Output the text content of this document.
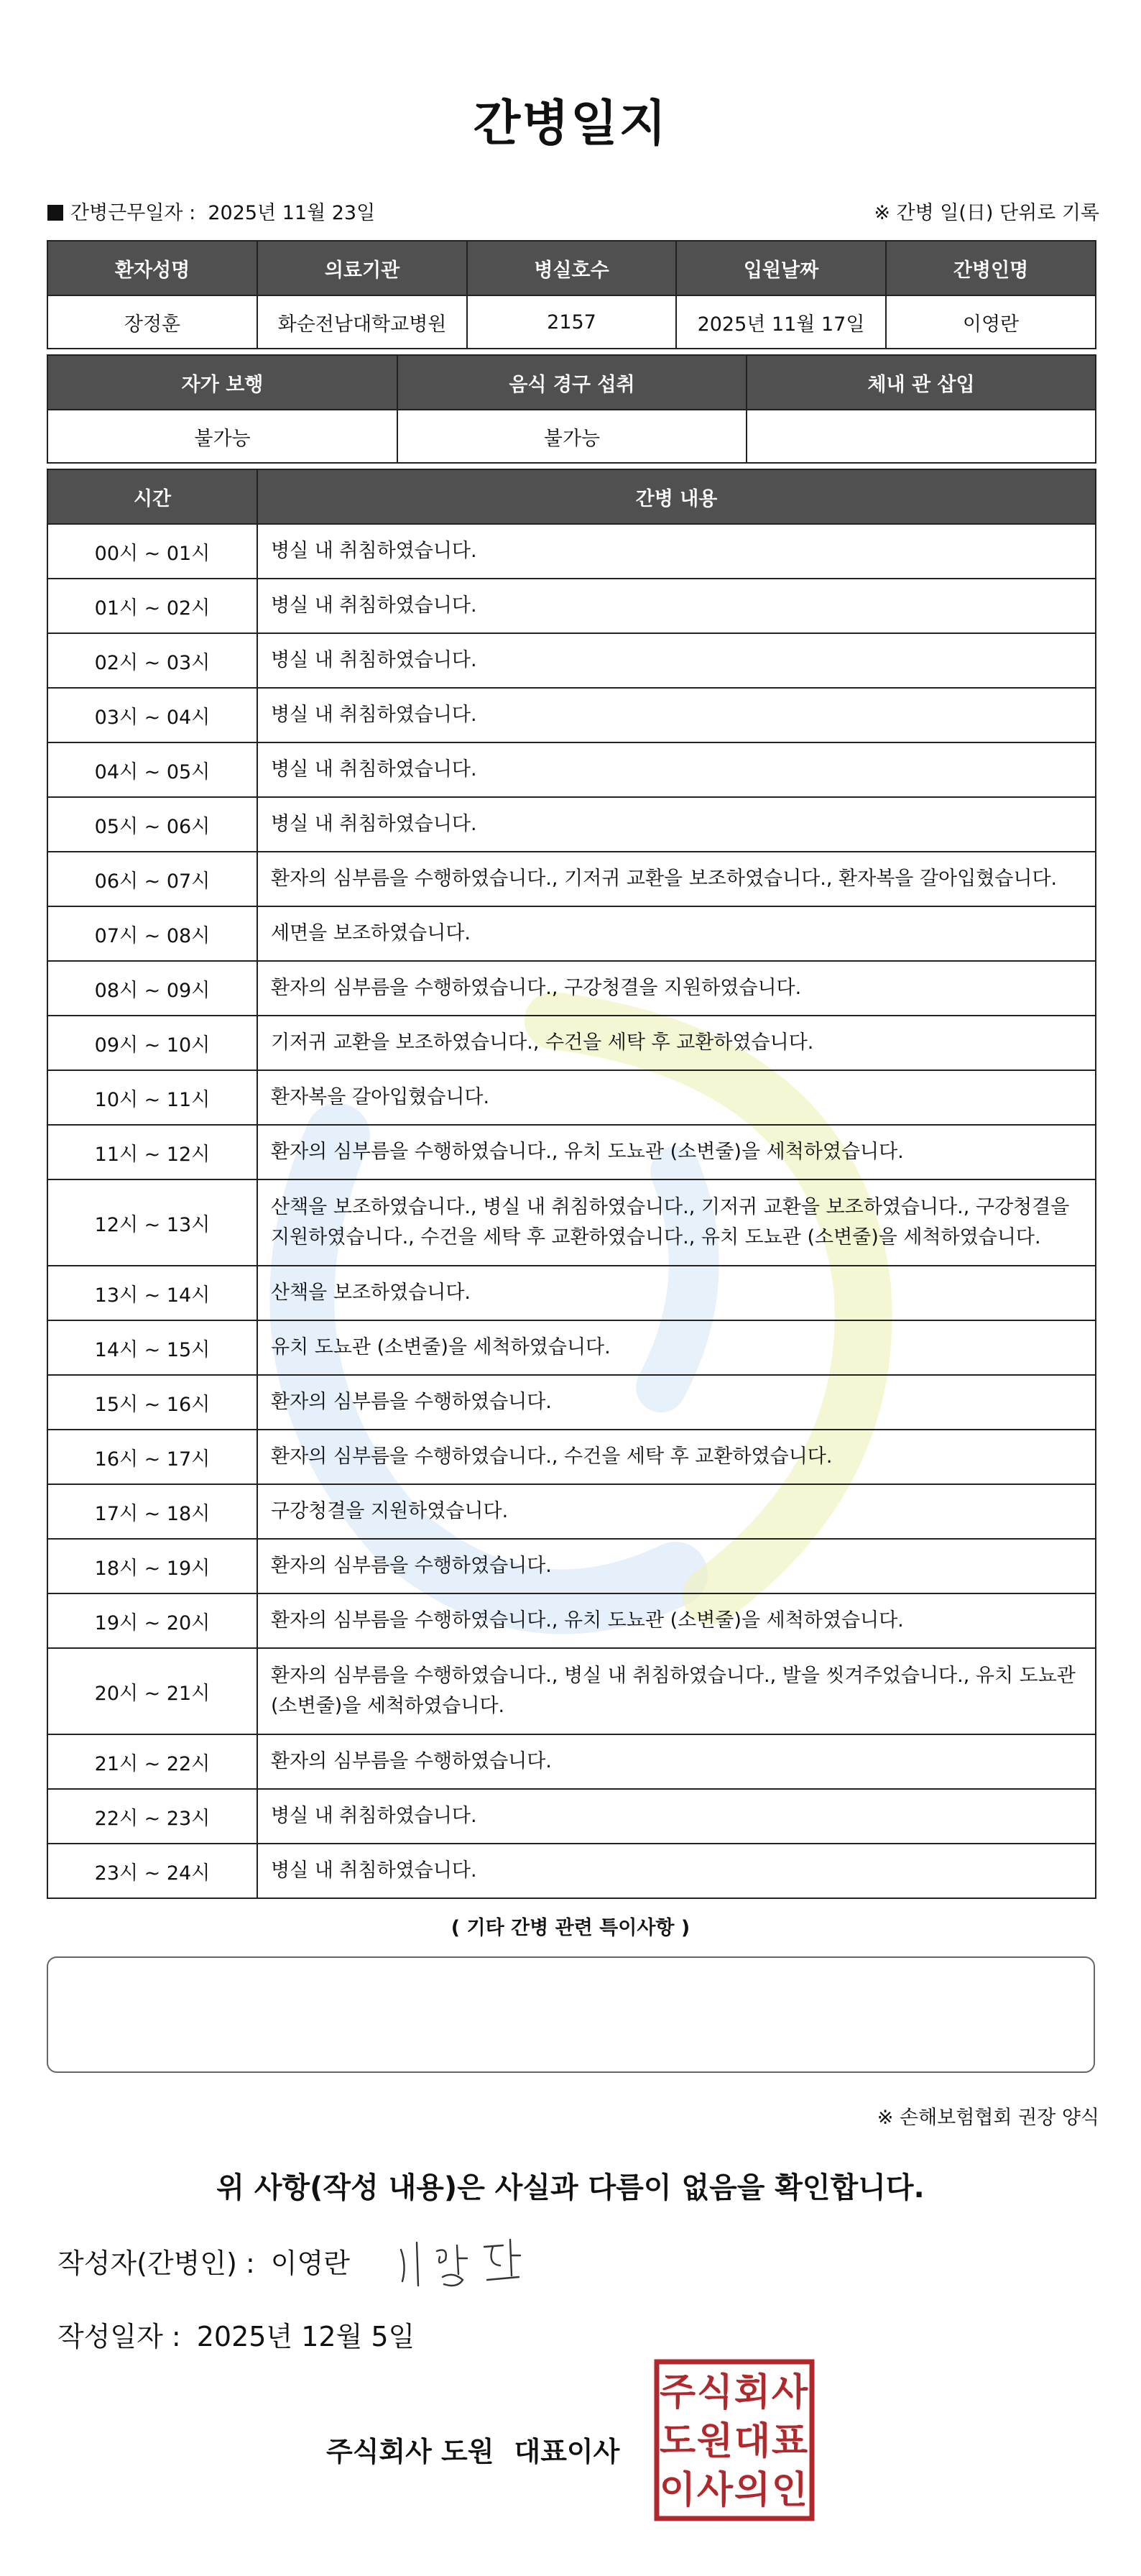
간병일지
간병근무일자 : 2025년 11월 23일	※ 간병 일(日) 단위로 기록
환자성명	의료기관	병실호수	입원날짜	간병인명
장정훈	화순전남대학교병원	2157	2025년 11월 17일	이영란
자가 보행	음식 경구 섭취	체내 관 삽입
불가능	불가능	
시간	간병 내용
00시 ~ 01시	병실 내 취침하였습니다.
01시 ~ 02시	병실 내 취침하였습니다.
02시 ~ 03시	병실 내 취침하였습니다.
03시 ~ 04시	병실 내 취침하였습니다.
04시 ~ 05시	병실 내 취침하였습니다.
05시 ~ 06시	병실 내 취침하였습니다.
06시 ~ 07시	환자의 심부름을 수행하였습니다., 기저귀 교환을 보조하였습니다., 환자복을 갈아입혔습니다.
07시 ~ 08시	세면을 보조하였습니다.
08시 ~ 09시	환자의 심부름을 수행하였습니다., 구강청결을 지원하였습니다.
09시 ~ 10시	기저귀 교환을 보조하였습니다., 수건을 세탁 후 교환하였습니다.
10시 ~ 11시	환자복을 갈아입혔습니다.
11시 ~ 12시	환자의 심부름을 수행하였습니다., 유치 도뇨관 (소변줄)을 세척하였습니다.
12시 ~ 13시	산책을 보조하였습니다., 병실 내 취침하였습니다., 기저귀 교환을 보조하였습니다., 구강청결을 지원하였습니다., 수건을 세탁 후 교환하였습니다., 유치 도뇨관 (소변줄)을 세척하였습니다.
13시 ~ 14시	산책을 보조하였습니다.
14시 ~ 15시	유치 도뇨관 (소변줄)을 세척하였습니다.
15시 ~ 16시	환자의 심부름을 수행하였습니다.
16시 ~ 17시	환자의 심부름을 수행하였습니다., 수건을 세탁 후 교환하였습니다.
17시 ~ 18시	구강청결을 지원하였습니다.
18시 ~ 19시	환자의 심부름을 수행하였습니다.
19시 ~ 20시	환자의 심부름을 수행하였습니다., 유치 도뇨관 (소변줄)을 세척하였습니다.
20시 ~ 21시	환자의 심부름을 수행하였습니다., 병실 내 취침하였습니다., 발을 씻겨주었습니다., 유치 도뇨관 (소변줄)을 세척하였습니다.
21시 ~ 22시	환자의 심부름을 수행하였습니다.
22시 ~ 23시	병실 내 취침하였습니다.
23시 ~ 24시	병실 내 취침하였습니다.
( 기타 간병 관련 특이사항 )
※ 손해보험협회 권장 양식
위 사항(작성 내용)은 사실과 다름이 없음을 확인합니다.
작성자(간병인) : 이영란
작성일자 : 2025년 12월 5일
주식회사 도원 대표이사
주 식 회 사
도 원 대 표
이 사 의 인
